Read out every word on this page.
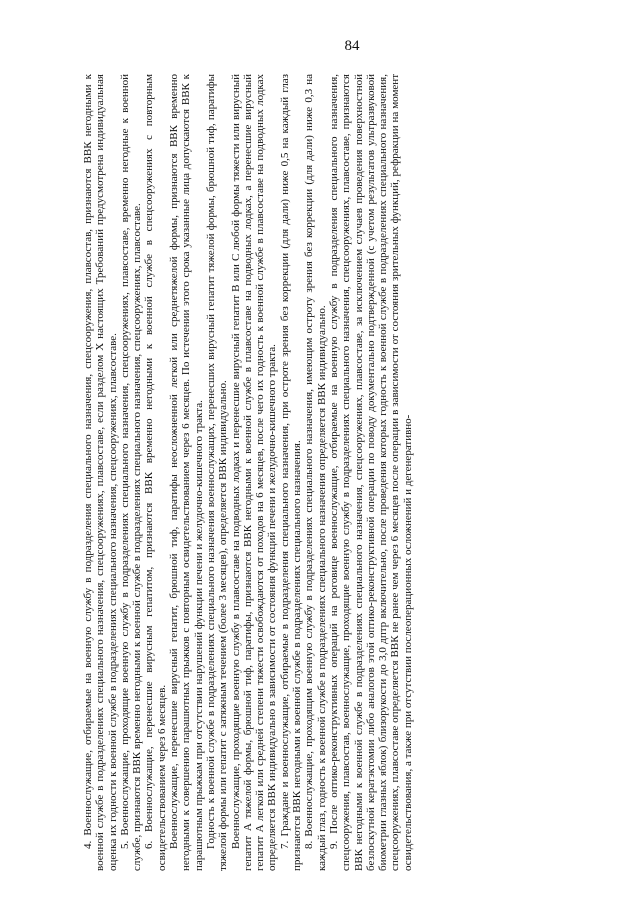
84

4. Военнослужащие, отбираемые на военную службу в подразделения специального назначения, спецсооружения, плавсостав, признаются ВВК негодными к военной службе в подразделениях специального назначения, спецсооружениях, плавсоставе, если разделом X настоящих Требований предусмотрена индивидуальная оценка их годности к военной службе в подразделениях специального назначения, спецсооружениях, плавсоставе. 5. Военнослужащие, проходящие военную службу в подразделениях специального назначения, спецсооружениях, плавсоставе, временно негодные к военной службе, признаются ВВК временно негодными к военной службе в подразделениях специального назначения, спецсооружениях, плавсоставе. 6. Военнослужащие, перенесшие вирусным гепатитом, признаются ВВК временно негодными к военной службе в спецсооружениях с повторным освидетельствованием через 6 месяцев. Военнослужащие, перенесшие вирусный гепатит, брюшной тиф, паратифы неосложненной легкой или среднетяжелой формы, признаются ВВК временно негодными к совершению парашютных прыжков с повторным освидетельствованием через 6 месяцев. По истечении этого срока указанные лица допускаются ВВК к парашютным прыжкам при отсутствии нарушений функции печени и желудочно-кишечного тракта. Годность к военной службе в подразделениях специального назначения военнослужащих, перенесших вирусный гепатит тяжелой формы, брюшной тиф, паратифы тяжелой формы или гепатит с затяжным течением (более 3 месяцев), определяется ВВК индивидуально. Военнослужащие, проходящие военную службу в плавсоставе на подводных лодках и перенесшие вирусный гепатит В или С любой формы тяжести или вирусный гепатит А тяжелой формы, брюшной тиф, паратифы, признаются ВВК негодными к военной службе в плавсоставе на подводных лодках, а перенесшие вирусный гепатит А легкой или средней степени тяжести освобождаются от походов на 6 месяцев, после чего их годность к военной службе в плавсоставе на подводных лодках определяется ВВК индивидуально в зависимости от состояния функций печени и желудочно-кишечного тракта. 7. Граждане и военнослужащие, отбираемые в подразделения специального назначения, при остроте зрения без коррекции (для дали) ниже 0,5 на каждый глаз признаются ВВК негодными к военной службе в подразделениях специального назначения. 8. Военнослужащие, проходящим военную службу в подразделениях специального назначения, имеющим остроту зрения без коррекции (для дали) ниже 0,3 на каждый глаз, годность к военной службе в подразделениях специального назначения определяется ВВК индивидуально. 9. После оптико-реконструктивных операций на роговице военнослужащие, отбираемые на военную службу в подразделения специального назначения, спецсооружения, плавсостав, военнослужащие, проходящие военную службу в подразделениях специального назначения, спецсооружениях, плавсоставе, признаются ВВК негодными к военной службе в подразделениях специального назначения, спецсооружениях, плавсоставе, за исключением случаев проведения поверхностной безлоскутной кератэктомии либо аналогов этой оптико-реконструктивной операции по поводу документально подтвержденной (с учетом результатов ультразвуковой биометрии глазных яблок) близорукости до 3,0 дптр включительно, после проведения которых годность к военной службе в подразделениях специального назначения, спецсооружениях, плавсоставе определяется ВВК не ранее чем через 6 месяцев после операции в зависимости от состояния зрительных функций, рефракции на момент освидетельствования, а также при отсутствии послеоперационных осложнений и дегенеративно-
